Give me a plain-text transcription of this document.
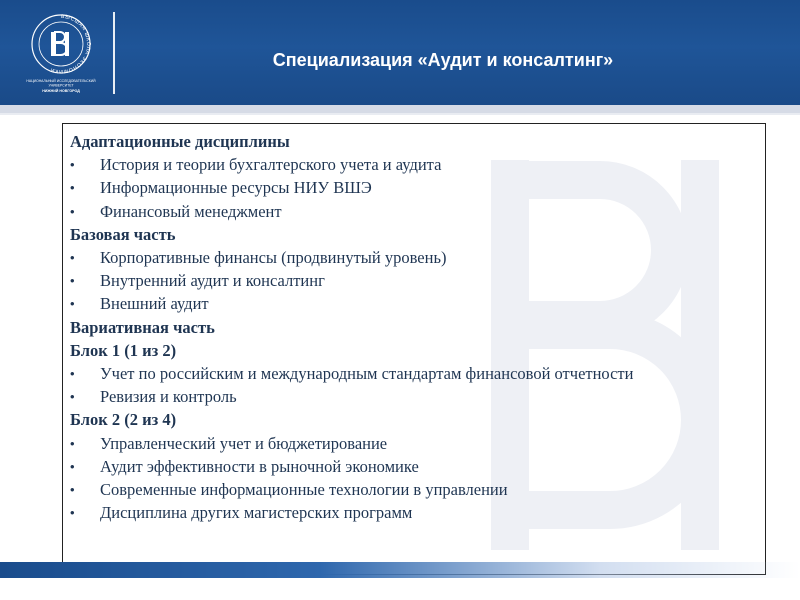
ВЫСШАЯ ШКОЛА ЭКОНОМИКИ
НАЦИОНАЛЬНЫЙ ИССЛЕДОВАТЕЛЬСКИЙ
УНИВЕРСИТЕТ
НИЖНИЙ НОВГОРОД
Специализация «Аудит и консалтинг»
Адаптационные дисциплины
• История и теории бухгалтерского учета и аудита
• Информационные ресурсы НИУ ВШЭ
• Финансовый менеджмент
Базовая часть
• Корпоративные финансы (продвинутый уровень)
• Внутренний аудит и консалтинг
• Внешний аудит
Вариативная часть
Блок 1 (1 из 2)
• Учет по российским и международным стандартам финансовой отчетности
• Ревизия и контроль
Блок 2 (2 из 4)
• Управленческий учет и бюджетирование
• Аудит эффективности в рыночной экономике
• Современные информационные технологии в управлении
• Дисциплина других магистерских программ
